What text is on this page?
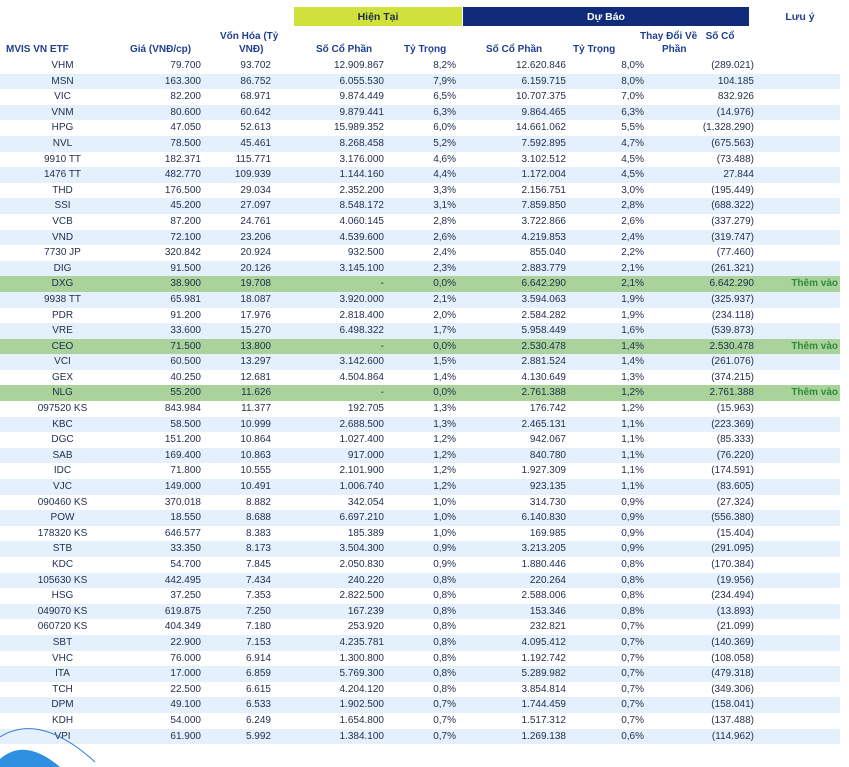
Hiện Tại	Dự Báo	Lưu ý
MVIS VN ETF	Giá (VNĐ/cp)
Vốn Hóa (Tỷ
VNĐ)	Số Cổ Phần	Tỷ Trọng	Số Cổ Phần	Tỷ Trọng
Thay Đổi Về   Số Cổ
Phần
VHM	79.700	93.702	12.909.867	8,2%	12.620.846	8,0%	(289.021)	
MSN	163.300	86.752	6.055.530	7,9%	6.159.715	8,0%	104.185	
VIC	82.200	68.971	9.874.449	6,5%	10.707.375	7,0%	832.926	
VNM	80.600	60.642	9.879.441	6,3%	9.864.465	6,3%	(14.976)	
HPG	47.050	52.613	15.989.352	6,0%	14.661.062	5,5%	(1.328.290)	
NVL	78.500	45.461	8.268.458	5,2%	7.592.895	4,7%	(675.563)	
9910 TT	182.371	115.771	3.176.000	4,6%	3.102.512	4,5%	(73.488)	
1476 TT	482.770	109.939	1.144.160	4,4%	1.172.004	4,5%	27.844	
THD	176.500	29.034	2.352.200	3,3%	2.156.751	3,0%	(195.449)	
SSI	45.200	27.097	8.548.172	3,1%	7.859.850	2,8%	(688.322)	
VCB	87.200	24.761	4.060.145	2,8%	3.722.866	2,6%	(337.279)	
VND	72.100	23.206	4.539.600	2,6%	4.219.853	2,4%	(319.747)	
7730 JP	320.842	20.924	932.500	2,4%	855.040	2,2%	(77.460)	
DIG	91.500	20.126	3.145.100	2,3%	2.883.779	2,1%	(261.321)	
DXG	38.900	19.708	-	0,0%	6.642.290	2,1%	6.642.290	Thêm vào
9938 TT	65.981	18.087	3.920.000	2,1%	3.594.063	1,9%	(325.937)	
PDR	91.200	17.976	2.818.400	2,0%	2.584.282	1,9%	(234.118)	
VRE	33.600	15.270	6.498.322	1,7%	5.958.449	1,6%	(539.873)	
CEO	71.500	13.800	-	0,0%	2.530.478	1,4%	2.530.478	Thêm vào
VCI	60.500	13.297	3.142.600	1,5%	2.881.524	1,4%	(261.076)	
GEX	40.250	12.681	4.504.864	1,4%	4.130.649	1,3%	(374.215)	
NLG	55.200	11.626	-	0,0%	2.761.388	1,2%	2.761.388	Thêm vào
097520 KS	843.984	11.377	192.705	1,3%	176.742	1,2%	(15.963)	
KBC	58.500	10.999	2.688.500	1,3%	2.465.131	1,1%	(223.369)	
DGC	151.200	10.864	1.027.400	1,2%	942.067	1,1%	(85.333)	
SAB	169.400	10.863	917.000	1,2%	840.780	1,1%	(76.220)	
IDC	71.800	10.555	2.101.900	1,2%	1.927.309	1,1%	(174.591)	
VJC	149.000	10.491	1.006.740	1,2%	923.135	1,1%	(83.605)	
090460 KS	370.018	8.882	342.054	1,0%	314.730	0,9%	(27.324)	
POW	18.550	8.688	6.697.210	1,0%	6.140.830	0,9%	(556.380)	
178320 KS	646.577	8.383	185.389	1,0%	169.985	0,9%	(15.404)	
STB	33.350	8.173	3.504.300	0,9%	3.213.205	0,9%	(291.095)	
KDC	54.700	7.845	2.050.830	0,9%	1.880.446	0,8%	(170.384)	
105630 KS	442.495	7.434	240.220	0,8%	220.264	0,8%	(19.956)	
HSG	37.250	7.353	2.822.500	0,8%	2.588.006	0,8%	(234.494)	
049070 KS	619.875	7.250	167.239	0,8%	153.346	0,8%	(13.893)	
060720 KS	404.349	7.180	253.920	0,8%	232.821	0,7%	(21.099)	
SBT	22.900	7.153	4.235.781	0,8%	4.095.412	0,7%	(140.369)	
VHC	76.000	6.914	1.300.800	0,8%	1.192.742	0,7%	(108.058)	
ITA	17.000	6.859	5.769.300	0,8%	5.289.982	0,7%	(479.318)	
TCH	22.500	6.615	4.204.120	0,8%	3.854.814	0,7%	(349.306)	
DPM	49.100	6.533	1.902.500	0,7%	1.744.459	0,7%	(158.041)	
KDH	54.000	6.249	1.654.800	0,7%	1.517.312	0,7%	(137.488)	
VPI	61.900	5.992	1.384.100	0,7%	1.269.138	0,6%	(114.962)	
